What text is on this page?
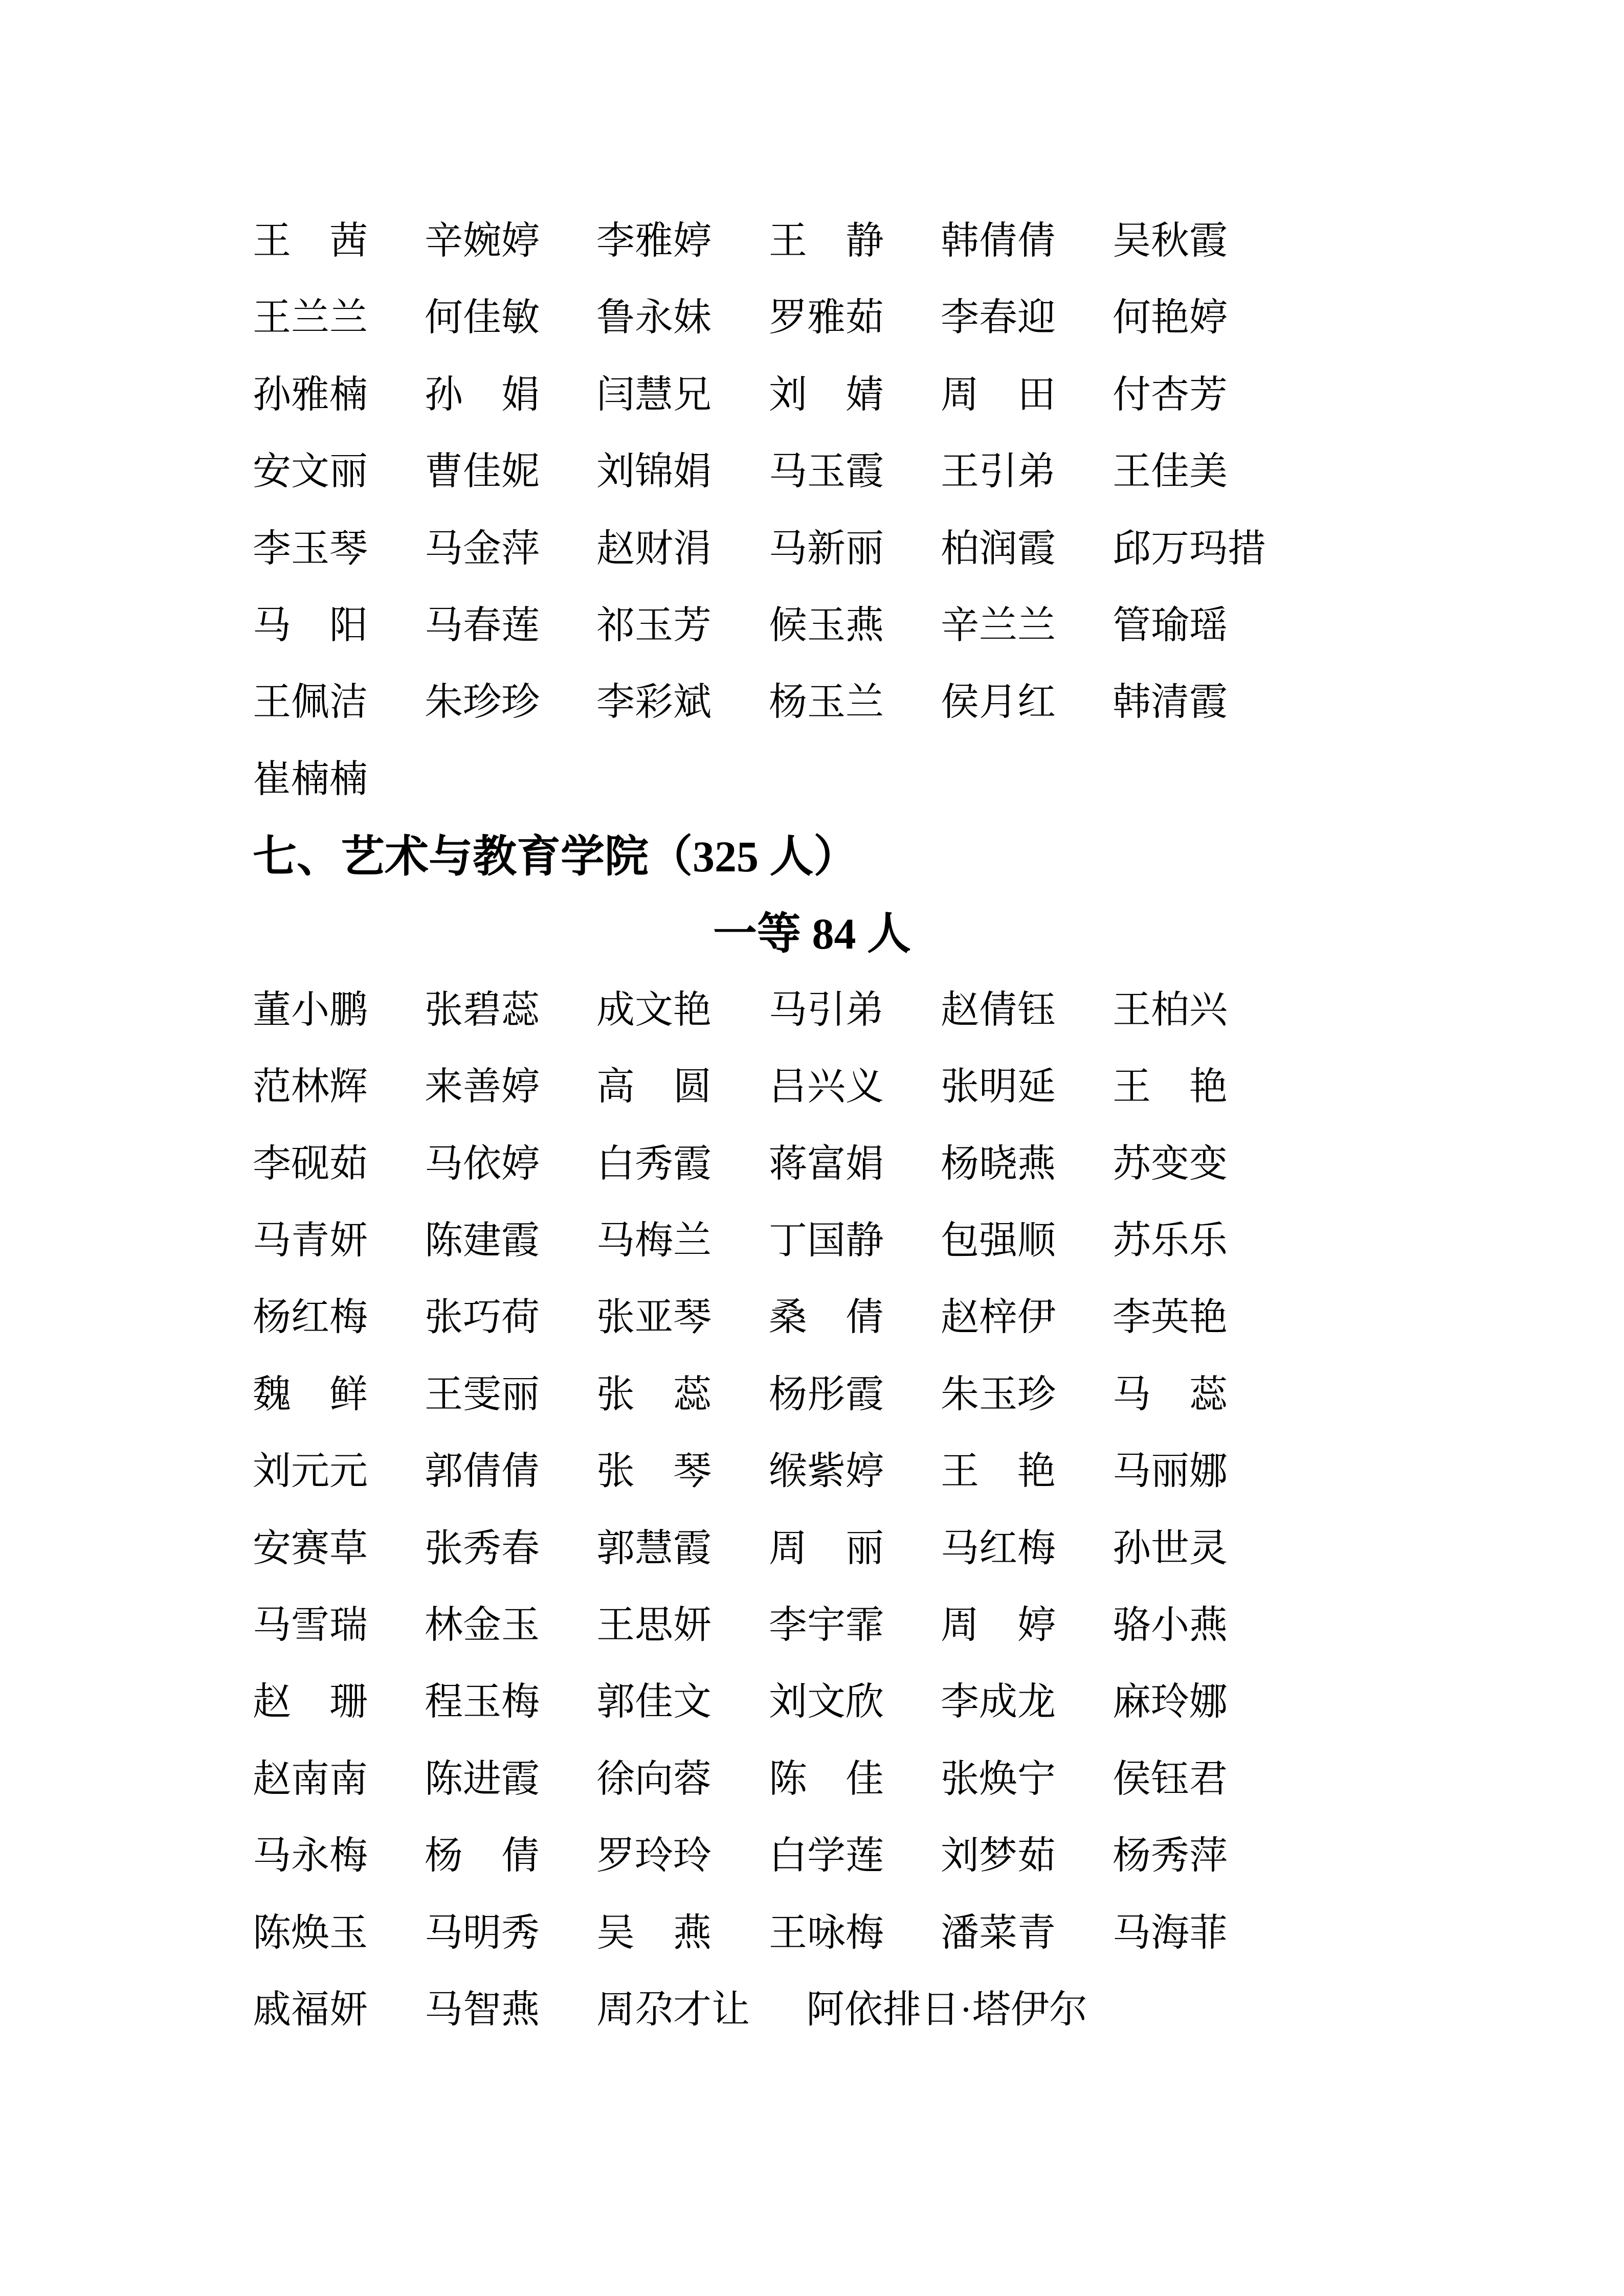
王　茜 辛婉婷 李雅婷 王　静 韩倩倩 吴秋霞
王兰兰 何佳敏 鲁永妹 罗雅茹 李春迎 何艳婷
孙雅楠 孙　娟 闫慧兄 刘　婧 周　田 付杏芳
安文丽 曹佳妮 刘锦娟 马玉霞 王引弟 王佳美
李玉琴 马金萍 赵财涓 马新丽 柏润霞 邱万玛措
马　阳 马春莲 祁玉芳 候玉燕 辛兰兰 管瑜瑶
王佩洁 朱珍珍 李彩斌 杨玉兰 侯月红 韩清霞
崔楠楠
七、艺术与教育学院（325 人）
一等 84 人
董小鹏 张碧蕊 成文艳 马引弟 赵倩钰 王柏兴
范林辉 来善婷 高　圆 吕兴义 张明延 王　艳
李砚茹 马依婷 白秀霞 蒋富娟 杨晓燕 苏变变
马青妍 陈建霞 马梅兰 丁国静 包强顺 苏乐乐
杨红梅 张巧荷 张亚琴 桑　倩 赵梓伊 李英艳
魏　鲜 王雯丽 张　蕊 杨彤霞 朱玉珍 马　蕊
刘元元 郭倩倩 张　琴 缑紫婷 王　艳 马丽娜
安赛草 张秀春 郭慧霞 周　丽 马红梅 孙世灵
马雪瑞 林金玉 王思妍 李宇霏 周　婷 骆小燕
赵　珊 程玉梅 郭佳文 刘文欣 李成龙 麻玲娜
赵南南 陈进霞 徐向蓉 陈　佳 张焕宁 侯钰君
马永梅 杨　倩 罗玲玲 白学莲 刘梦茹 杨秀萍
陈焕玉 马明秀 吴　燕 王咏梅 潘菜青 马海菲
戚福妍 马智燕 周尕才让 阿依排日·塔伊尔
